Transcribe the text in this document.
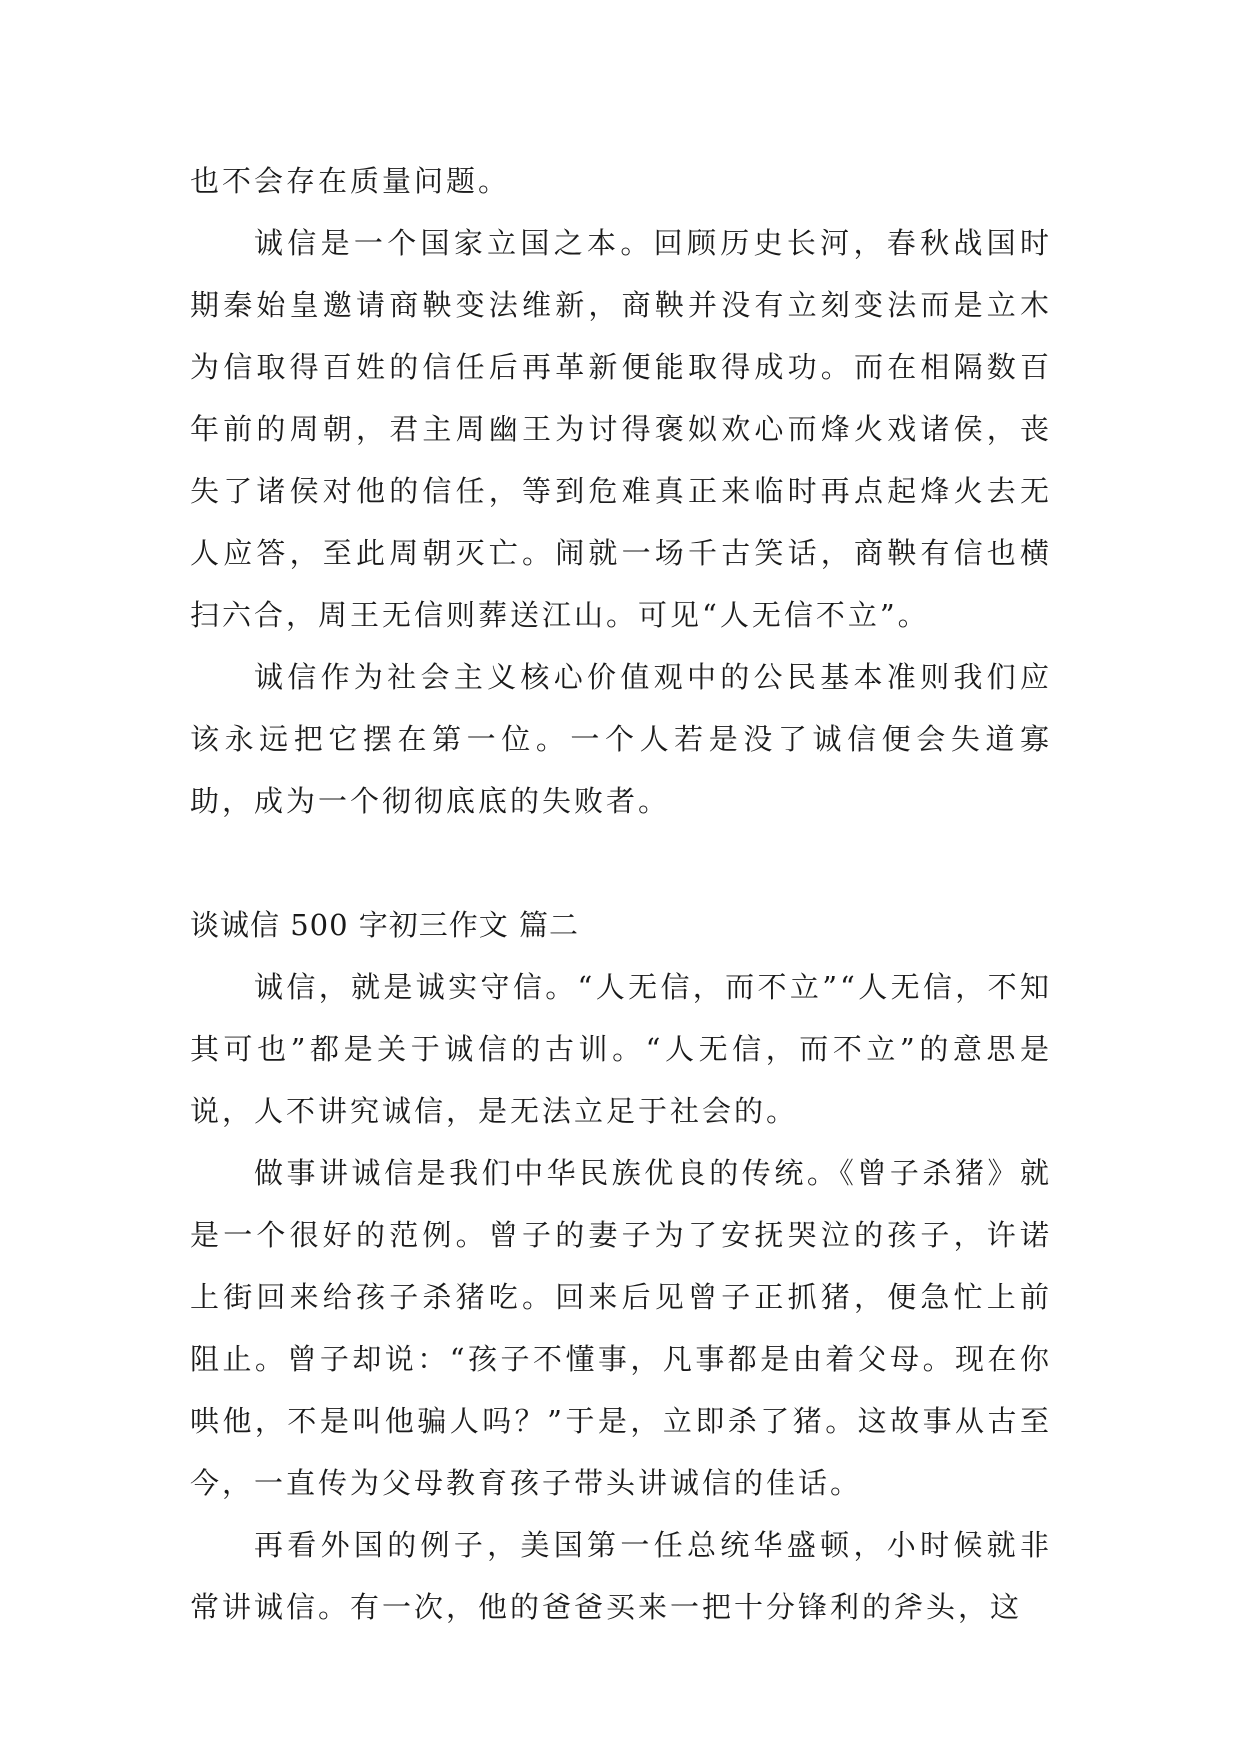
也不会存在质量问题。

诚信是一个国家立国之本。回顾历史长河，春秋战国时期秦始皇邀请商鞅变法维新，商鞅并没有立刻变法而是立木为信取得百姓的信任后再革新便能取得成功。而在相隔数百年前的周朝，君主周幽王为讨得褒姒欢心而烽火戏诸侯，丧失了诸侯对他的信任，等到危难真正来临时再点起烽火去无人应答，至此周朝灭亡。闹就一场千古笑话，商鞅有信也横扫六合，周王无信则葬送江山。可见“人无信不立”。

诚信作为社会主义核心价值观中的公民基本准则我们应该永远把它摆在第一位。一个人若是没了诚信便会失道寡助，成为一个彻彻底底的失败者。

谈诚信 500 字初三作文 篇二

诚信，就是诚实守信。“人无信，而不立”“人无信，不知其可也”都是关于诚信的古训。“人无信，而不立”的意思是说，人不讲究诚信，是无法立足于社会的。

做事讲诚信是我们中华民族优良的传统。《曾子杀猪》就是一个很好的范例。曾子的妻子为了安抚哭泣的孩子，许诺上街回来给孩子杀猪吃。回来后见曾子正抓猪，便急忙上前阻止。曾子却说：“孩子不懂事，凡事都是由着父母。现在你哄他，不是叫他骗人吗？”于是，立即杀了猪。这故事从古至今，一直传为父母教育孩子带头讲诚信的佳话。

再看外国的例子，美国第一任总统华盛顿，小时候就非常讲诚信。有一次，他的爸爸买来一把十分锋利的斧头，这
